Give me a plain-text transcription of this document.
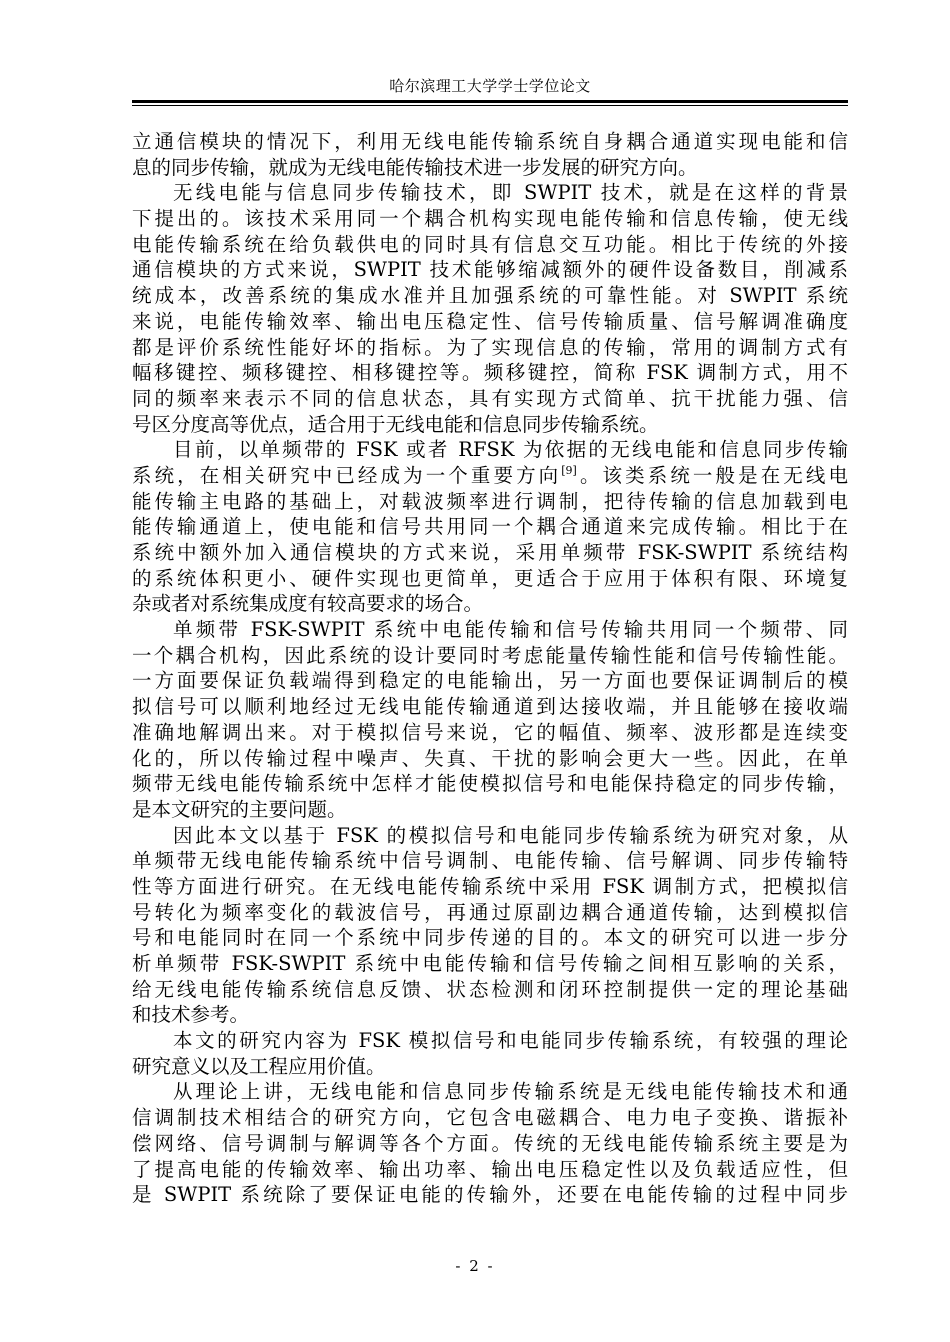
哈尔滨理工大学学士学位论文
立通信模块的情况下，利用无线电能传输系统自身耦合通道实现电能和信
息的同步传输，就成为无线电能传输技术进一步发展的研究方向。
无线电能与信息同步传输技术，即 SWPIT 技术，就是在这样的背景
下提出的。该技术采用同一个耦合机构实现电能传输和信息传输，使无线
电能传输系统在给负载供电的同时具有信息交互功能。相比于传统的外接
通信模块的方式来说，SWPIT 技术能够缩减额外的硬件设备数目，削减系
统成本，改善系统的集成水准并且加强系统的可靠性能。对 SWPIT 系统
来说，电能传输效率、输出电压稳定性、信号传输质量、信号解调准确度
都是评价系统性能好坏的指标。为了实现信息的传输，常用的调制方式有
幅移键控、频移键控、相移键控等。频移键控，简称 FSK 调制方式，用不
同的频率来表示不同的信息状态，具有实现方式简单、抗干扰能力强、信
号区分度高等优点，适合用于无线电能和信息同步传输系统。
目前，以单频带的 FSK 或者 RFSK 为依据的无线电能和信息同步传输
系统，在相关研究中已经成为一个重要方向[9]。该类系统一般是在无线电
能传输主电路的基础上，对载波频率进行调制，把待传输的信息加载到电
能传输通道上，使电能和信号共用同一个耦合通道来完成传输。相比于在
系统中额外加入通信模块的方式来说，采用单频带 FSK-SWPIT 系统结构
的系统体积更小、硬件实现也更简单，更适合于应用于体积有限、环境复
杂或者对系统集成度有较高要求的场合。
单频带 FSK-SWPIT 系统中电能传输和信号传输共用同一个频带、同
一个耦合机构，因此系统的设计要同时考虑能量传输性能和信号传输性能。
一方面要保证负载端得到稳定的电能输出，另一方面也要保证调制后的模
拟信号可以顺利地经过无线电能传输通道到达接收端，并且能够在接收端
准确地解调出来。对于模拟信号来说，它的幅值、频率、波形都是连续变
化的，所以传输过程中噪声、失真、干扰的影响会更大一些。因此，在单
频带无线电能传输系统中怎样才能使模拟信号和电能保持稳定的同步传输，
是本文研究的主要问题。
因此本文以基于 FSK 的模拟信号和电能同步传输系统为研究对象，从
单频带无线电能传输系统中信号调制、电能传输、信号解调、同步传输特
性等方面进行研究。在无线电能传输系统中采用 FSK 调制方式，把模拟信
号转化为频率变化的载波信号，再通过原副边耦合通道传输，达到模拟信
号和电能同时在同一个系统中同步传递的目的。本文的研究可以进一步分
析单频带 FSK-SWPIT 系统中电能传输和信号传输之间相互影响的关系，
给无线电能传输系统信息反馈、状态检测和闭环控制提供一定的理论基础
和技术参考。
本文的研究内容为 FSK 模拟信号和电能同步传输系统，有较强的理论
研究意义以及工程应用价值。
从理论上讲，无线电能和信息同步传输系统是无线电能传输技术和通
信调制技术相结合的研究方向，它包含电磁耦合、电力电子变换、谐振补
偿网络、信号调制与解调等各个方面。传统的无线电能传输系统主要是为
了提高电能的传输效率、输出功率、输出电压稳定性以及负载适应性，但
是 SWPIT 系统除了要保证电能的传输外，还要在电能传输的过程中同步
- 2 -
